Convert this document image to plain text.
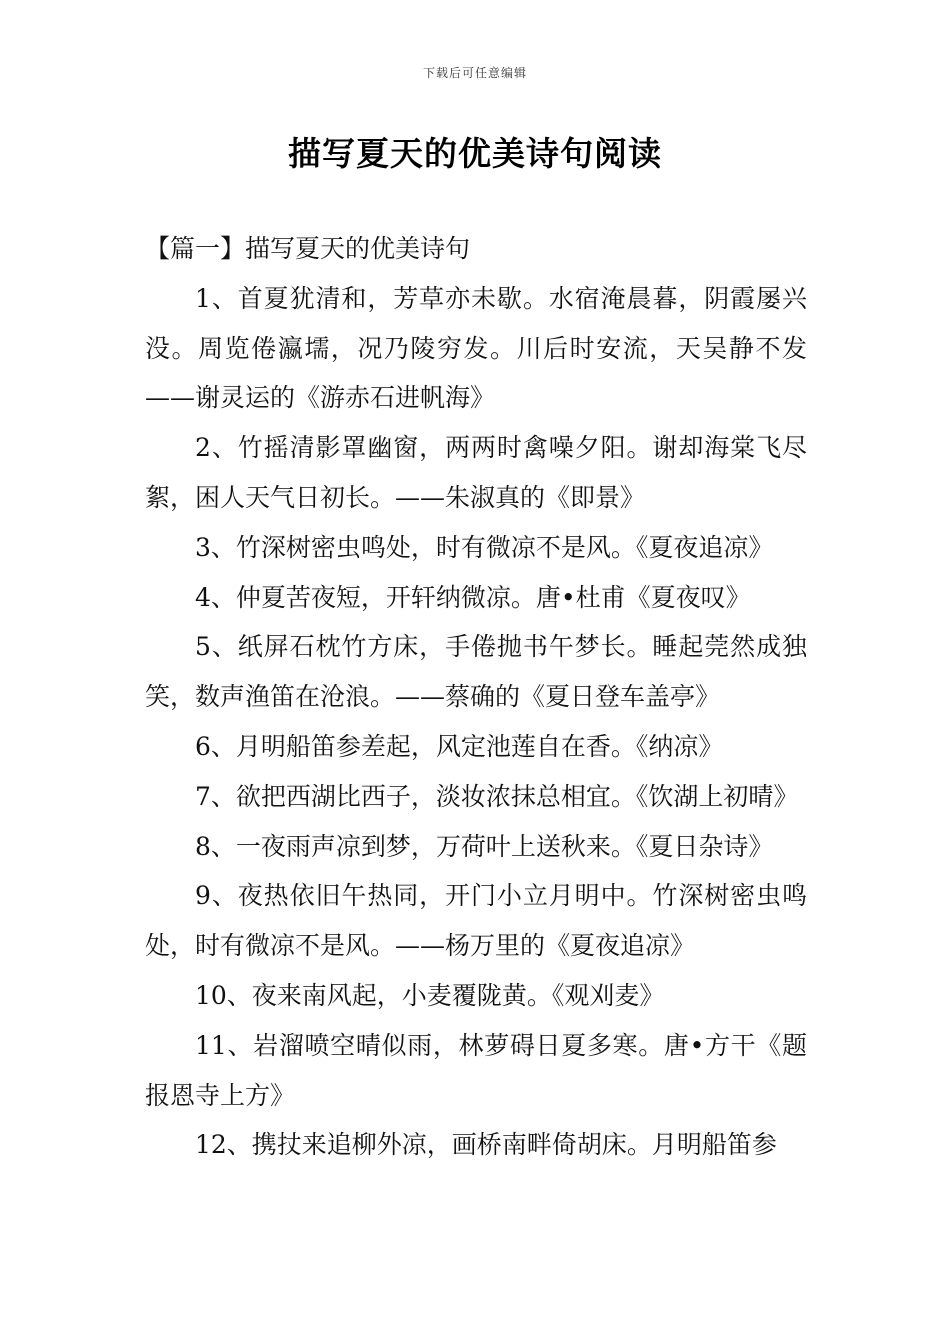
下载后可任意编辑
描写夏天的优美诗句阅读

【篇一】描写夏天的优美诗句

1、首夏犹清和，芳草亦未歇。水宿淹晨暮，阴霞屡兴没。周览倦瀛壖，况乃陵穷发。川后时安流，天吴静不发——谢灵运的《游赤石进帆海》

2、竹摇清影罩幽窗，两两时禽噪夕阳。谢却海棠飞尽絮，困人天气日初长。——朱淑真的《即景》

3、竹深树密虫鸣处，时有微凉不是风。《夏夜追凉》

4、仲夏苦夜短，开轩纳微凉。唐•杜甫《夏夜叹》

5、纸屏石枕竹方床，手倦抛书午梦长。睡起莞然成独笑，数声渔笛在沧浪。——蔡确的《夏日登车盖亭》

6、月明船笛参差起，风定池莲自在香。《纳凉》

7、欲把西湖比西子，淡妆浓抹总相宜。《饮湖上初晴》

8、一夜雨声凉到梦，万荷叶上送秋来。《夏日杂诗》

9、夜热依旧午热同，开门小立月明中。竹深树密虫鸣处，时有微凉不是风。——杨万里的《夏夜追凉》

10、夜来南风起，小麦覆陇黄。《观刈麦》

11、岩溜喷空晴似雨，林萝碍日夏多寒。唐•方干《题报恩寺上方》

12、携扙来追柳外凉，画桥南畔倚胡床。月明船笛参
